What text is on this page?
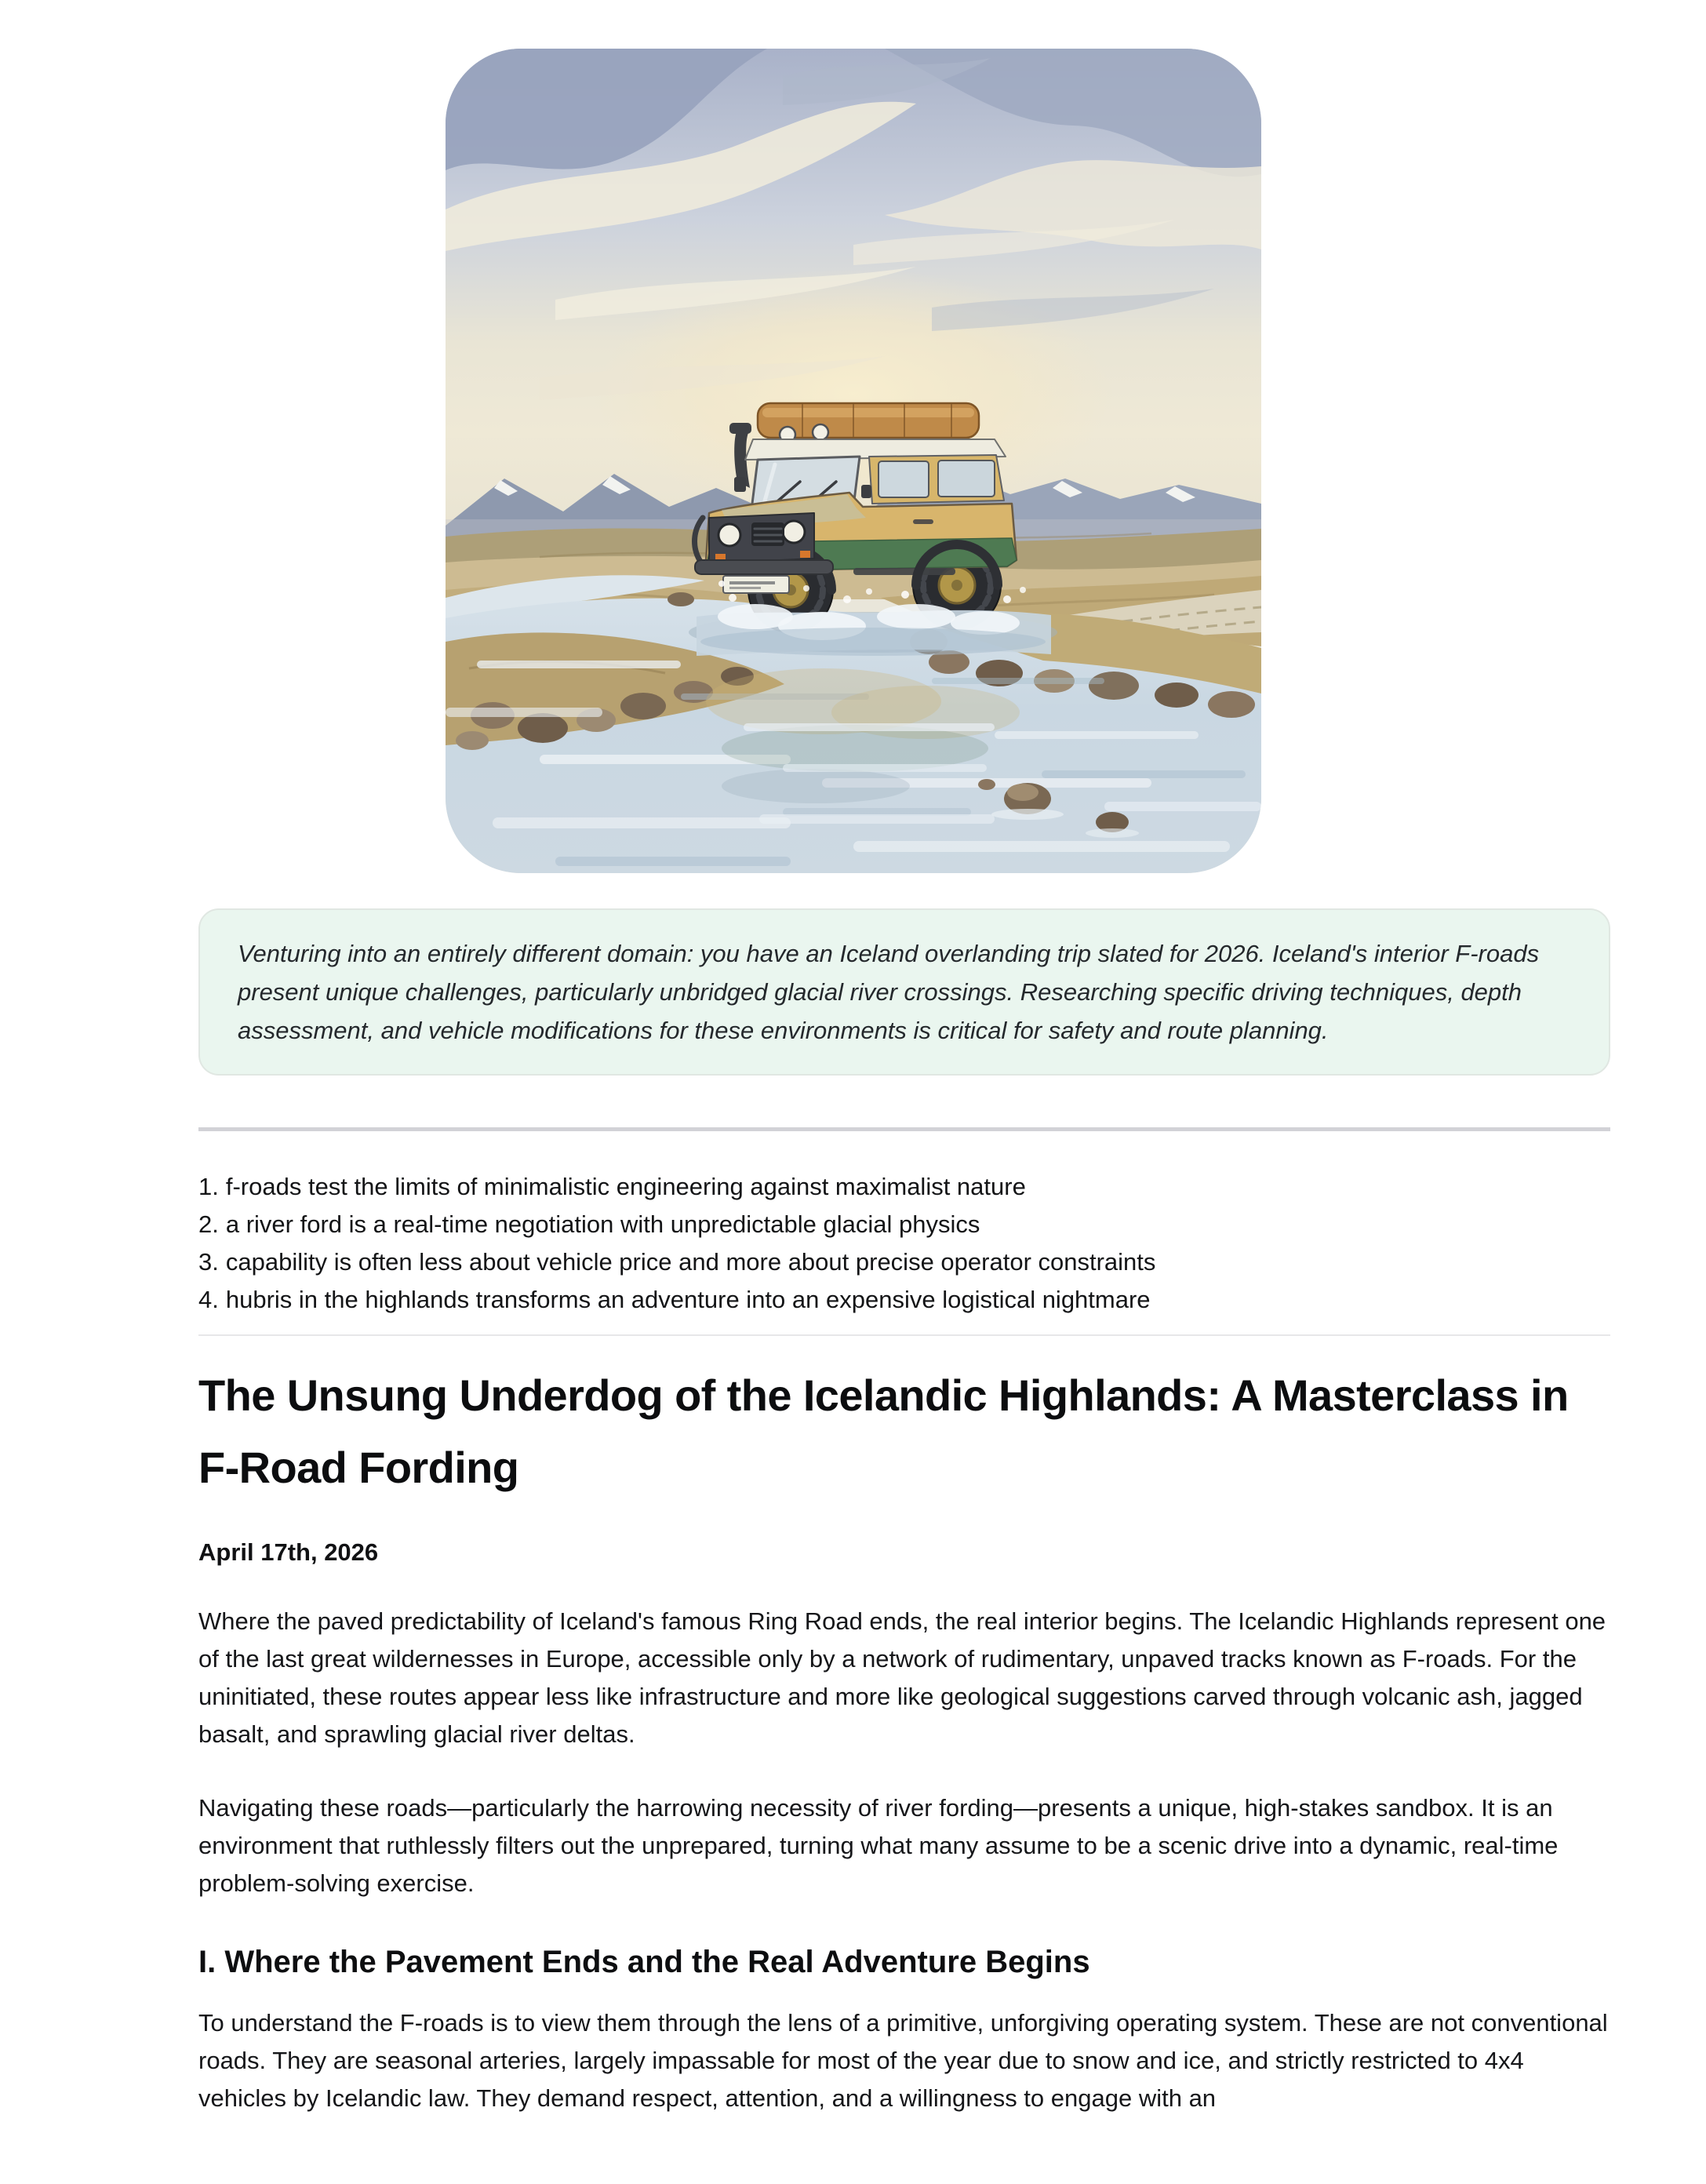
Venturing into an entirely different domain: you have an Iceland overlanding trip slated for 2026. Iceland's interior F-roads present unique challenges, particularly unbridged glacial river crossings. Researching specific driving techniques, depth assessment, and vehicle modifications for these environments is critical for safety and route planning.

1. f-roads test the limits of minimalistic engineering against maximalist nature
2. a river ford is a real-time negotiation with unpredictable glacial physics
3. capability is often less about vehicle price and more about precise operator constraints
4. hubris in the highlands transforms an adventure into an expensive logistical nightmare
The Unsung Underdog of the Icelandic Highlands: A Masterclass in F-Road Fording

April 17th, 2026

Where the paved predictability of Iceland's famous Ring Road ends, the real interior begins. The Icelandic Highlands represent one of the last great wildernesses in Europe, accessible only by a network of rudimentary, unpaved tracks known as F-roads. For the uninitiated, these routes appear less like infrastructure and more like geological suggestions carved through volcanic ash, jagged basalt, and sprawling glacial river deltas.

Navigating these roads—particularly the harrowing necessity of river fording—presents a unique, high-stakes sandbox. It is an environment that ruthlessly filters out the unprepared, turning what many assume to be a scenic drive into a dynamic, real-time problem-solving exercise.

I. Where the Pavement Ends and the Real Adventure Begins

To understand the F-roads is to view them through the lens of a primitive, unforgiving operating system. These are not conventional roads. They are seasonal arteries, largely impassable for most of the year due to snow and ice, and strictly restricted to 4x4 vehicles by Icelandic law. They demand respect, attention, and a willingness to engage with an
